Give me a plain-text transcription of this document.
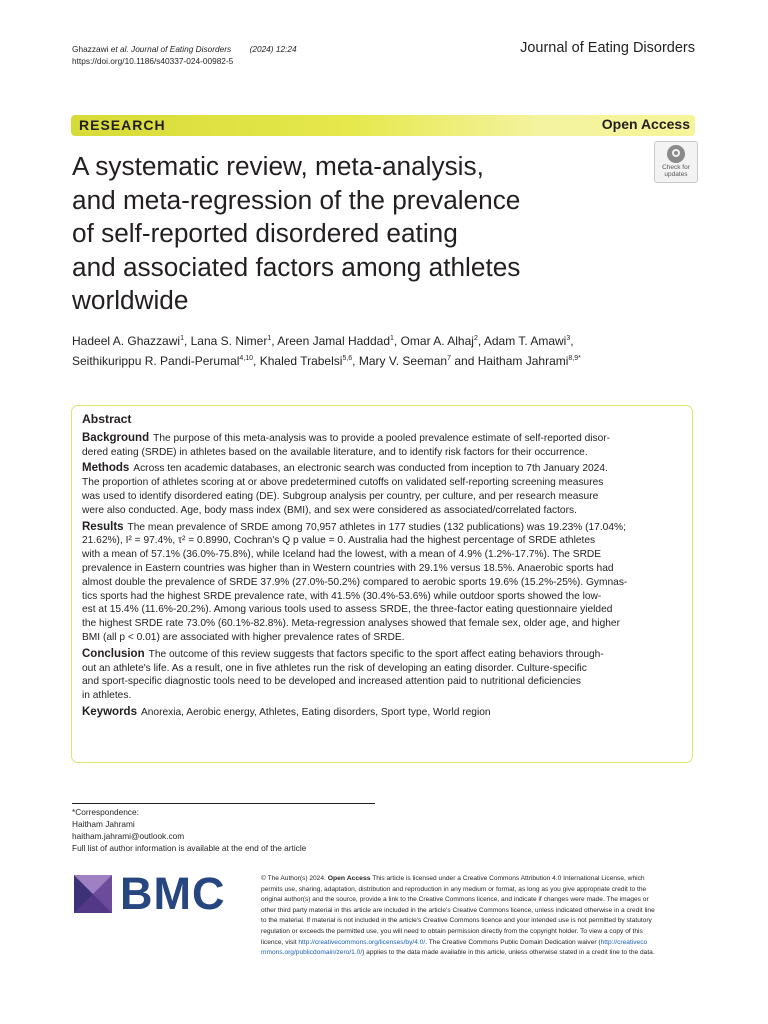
Ghazzawi et al. Journal of Eating Disorders (2024) 12:24
https://doi.org/10.1186/s40337-024-00982-5
Journal of Eating Disorders
RESEARCH	Open Access
A systematic review, meta-analysis,
and meta-regression of the prevalence
of self-reported disordered eating
and associated factors among athletes
worldwide
Check for
updates
Hadeel A. Ghazzawi$^1$, Lana S. Nimer$^1$, Areen Jamal Haddad$^1$, Omar A. Alhaj$^2$, Adam T. Amawi$^3$,
Seithikurippu R. Pandi-Perumal$^{4,10}$, Khaled Trabelsi$^{5,6}$, Mary V. Seeman$^7$ and Haitham Jahrami$^{8,9*}$
Abstract
Background The purpose of this meta-analysis was to provide a pooled prevalence estimate of self-reported disor-
dered eating (SRDE) in athletes based on the available literature, and to identify risk factors for their occurrence.
Methods Across ten academic databases, an electronic search was conducted from inception to 7th January 2024.
The proportion of athletes scoring at or above predetermined cutoffs on validated self-reporting screening measures
was used to identify disordered eating (DE). Subgroup analysis per country, per culture, and per research measure
were also conducted. Age, body mass index (BMI), and sex were considered as associated/correlated factors.
Results The mean prevalence of SRDE among 70,957 athletes in 177 studies (132 publications) was 19.23% (17.04%;
21.62%), I² = 97.4%, τ² = 0.8990, Cochran's Q p value = 0. Australia had the highest percentage of SRDE athletes
with a mean of 57.1% (36.0%-75.8%), while Iceland had the lowest, with a mean of 4.9% (1.2%-17.7%). The SRDE
prevalence in Eastern countries was higher than in Western countries with 29.1% versus 18.5%. Anaerobic sports had
almost double the prevalence of SRDE 37.9% (27.0%-50.2%) compared to aerobic sports 19.6% (15.2%-25%). Gymnas-
tics sports had the highest SRDE prevalence rate, with 41.5% (30.4%-53.6%) while outdoor sports showed the low-
est at 15.4% (11.6%-20.2%). Among various tools used to assess SRDE, the three-factor eating questionnaire yielded
the highest SRDE rate 73.0% (60.1%-82.8%). Meta-regression analyses showed that female sex, older age, and higher
BMI (all p < 0.01) are associated with higher prevalence rates of SRDE.
Conclusion The outcome of this review suggests that factors specific to the sport affect eating behaviors through-
out an athlete's life. As a result, one in five athletes run the risk of developing an eating disorder. Culture-specific
and sport-specific diagnostic tools need to be developed and increased attention paid to nutritional deficiencies
in athletes.
Keywords Anorexia, Aerobic energy, Athletes, Eating disorders, Sport type, World region
*Correspondence:
Haitham Jahrami
haitham.jahrami@outlook.com
Full list of author information is available at the end of the article
BMC	© The Author(s) 2024. Open Access This article is licensed under a Creative Commons Attribution 4.0 International License, which
permits use, sharing, adaptation, distribution and reproduction in any medium or format, as long as you give appropriate credit to the
original author(s) and the source, provide a link to the Creative Commons licence, and indicate if changes were made. The images or
other third party material in this article are included in the article's Creative Commons licence, unless indicated otherwise in a credit line
to the material. If material is not included in the article's Creative Commons licence and your intended use is not permitted by statutory
regulation or exceeds the permitted use, you will need to obtain permission directly from the copyright holder. To view a copy of this
licence, visit http://creativecommons.org/licenses/by/4.0/. The Creative Commons Public Domain Dedication waiver (http://creativeco
mmons.org/publicdomain/zero/1.0/) applies to the data made available in this article, unless otherwise stated in a credit line to the data.
